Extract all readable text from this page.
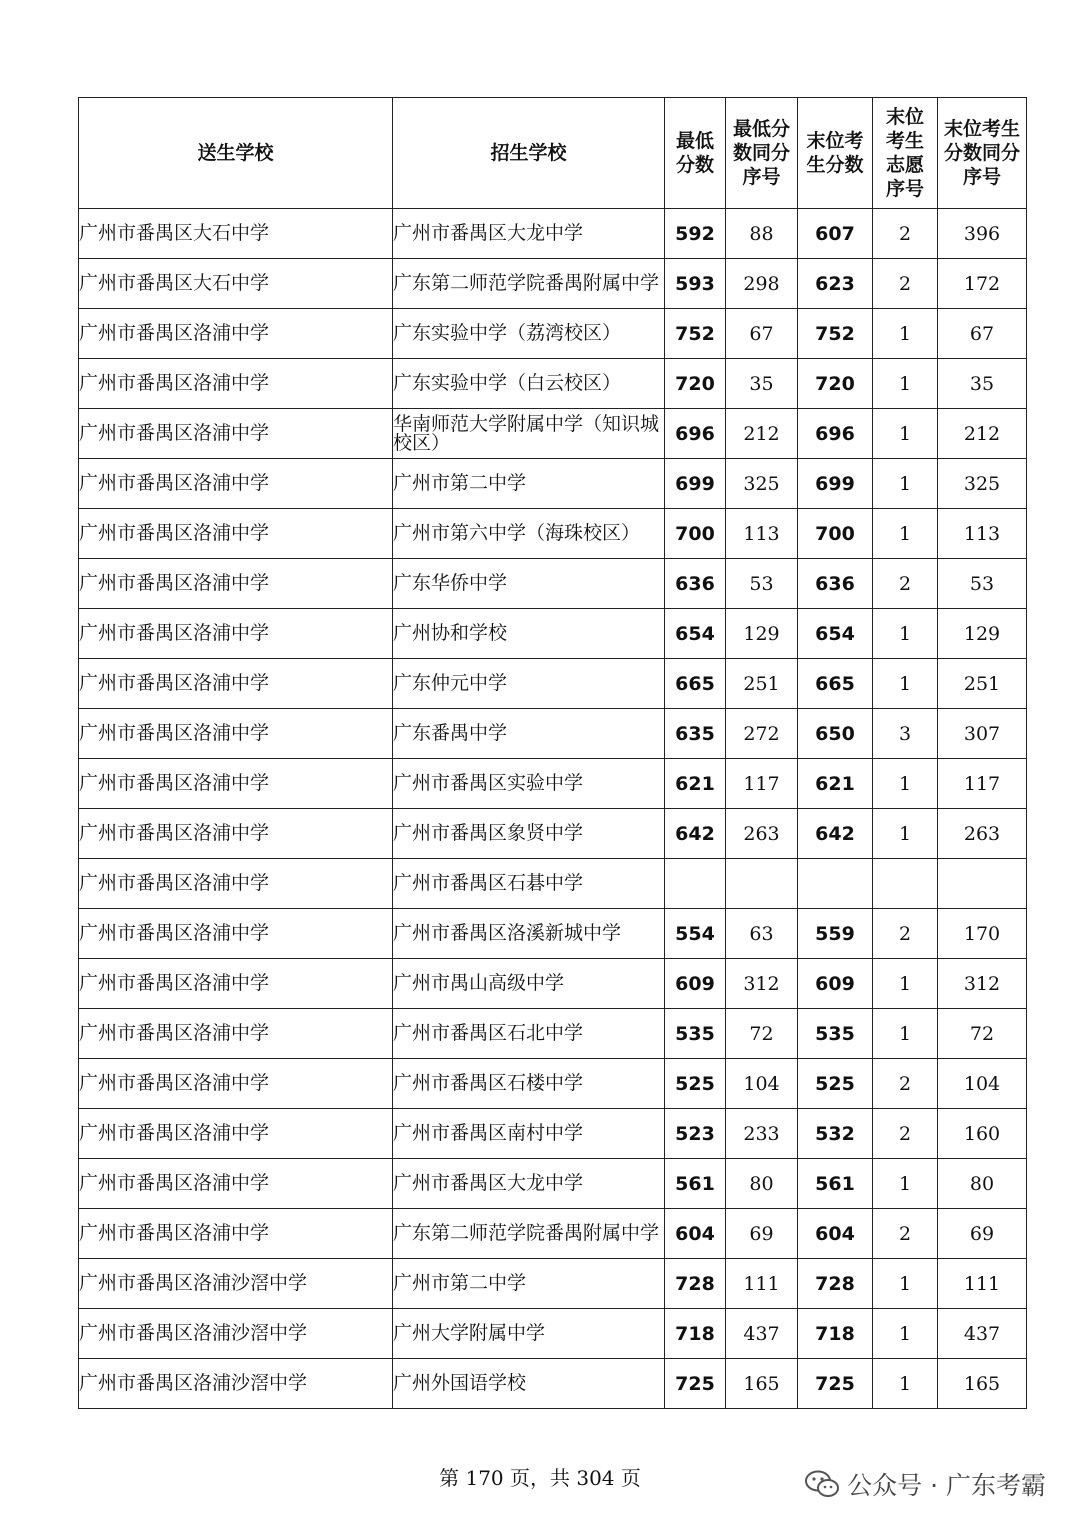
送生学校	招生学校	最低分数	最低分数同分序号	末位考生分数	末位考生志愿序号	末位考生分数同分序号

广州市番禺区大石中学	广州市番禺区大龙中学	592	88	607	2	396

广州市番禺区大石中学	广东第二师范学院番禺附属中学	593	298	623	2	172

广州市番禺区洛浦中学	广东实验中学（荔湾校区）	752	67	752	1	67

广州市番禺区洛浦中学	广东实验中学（白云校区）	720	35	720	1	35

广州市番禺区洛浦中学	华南师范大学附属中学（知识城校区）	696	212	696	1	212

广州市番禺区洛浦中学	广州市第二中学	699	325	699	1	325

广州市番禺区洛浦中学	广州市第六中学（海珠校区）	700	113	700	1	113

广州市番禺区洛浦中学	广东华侨中学	636	53	636	2	53

广州市番禺区洛浦中学	广州协和学校	654	129	654	1	129

广州市番禺区洛浦中学	广东仲元中学	665	251	665	1	251

广州市番禺区洛浦中学	广东番禺中学	635	272	650	3	307

广州市番禺区洛浦中学	广州市番禺区实验中学	621	117	621	1	117

广州市番禺区洛浦中学	广州市番禺区象贤中学	642	263	642	1	263

广州市番禺区洛浦中学	广州市番禺区石碁中学					

广州市番禺区洛浦中学	广州市番禺区洛溪新城中学	554	63	559	2	170

广州市番禺区洛浦中学	广州市禺山高级中学	609	312	609	1	312

广州市番禺区洛浦中学	广州市番禺区石北中学	535	72	535	1	72

广州市番禺区洛浦中学	广州市番禺区石楼中学	525	104	525	2	104

广州市番禺区洛浦中学	广州市番禺区南村中学	523	233	532	2	160

广州市番禺区洛浦中学	广州市番禺区大龙中学	561	80	561	1	80

广州市番禺区洛浦中学	广东第二师范学院番禺附属中学	604	69	604	2	69

广州市番禺区洛浦沙滘中学	广州市第二中学	728	111	728	1	111

广州市番禺区洛浦沙滘中学	广州大学附属中学	718	437	718	1	437

广州市番禺区洛浦沙滘中学	广州外国语学校	725	165	725	1	165
第 170 页，共 304 页	公众号 · 广东考霸
